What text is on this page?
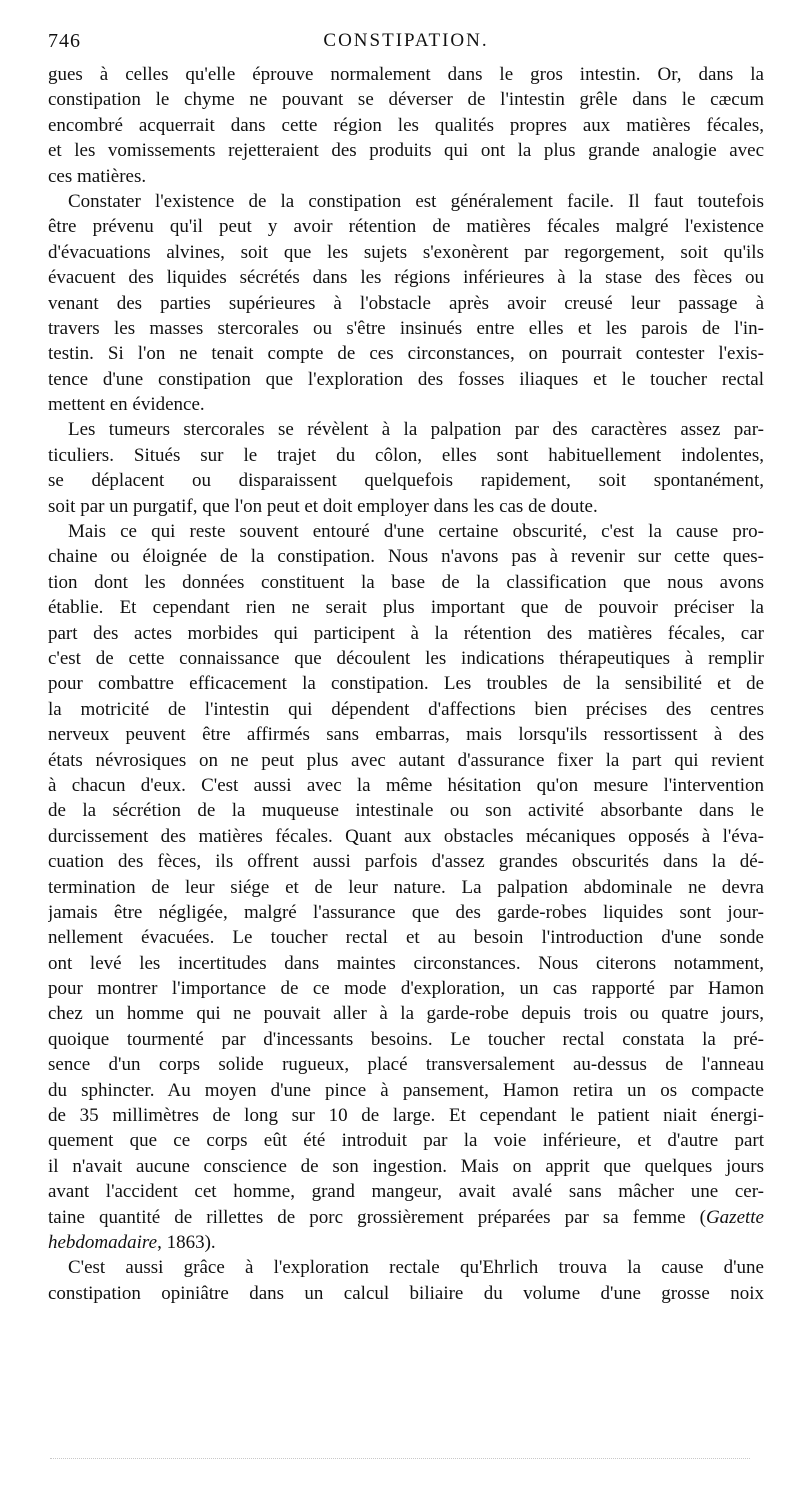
746	CONSTIPATION.
gues à celles qu'elle éprouve normalement dans le gros intestin. Or, dans la
constipation le chyme ne pouvant se déverser de l'intestin grêle dans le cæcum
encombré acquerrait dans cette région les qualités propres aux matières fécales,
et les vomissements rejetteraient des produits qui ont la plus grande analogie avec
ces matières.
Constater l'existence de la constipation est généralement facile. Il faut toutefois
être prévenu qu'il peut y avoir rétention de matières fécales malgré l'existence
d'évacuations alvines, soit que les sujets s'exonèrent par regorgement, soit qu'ils
évacuent des liquides sécrétés dans les régions inférieures à la stase des fèces ou
venant des parties supérieures à l'obstacle après avoir creusé leur passage à
travers les masses stercorales ou s'être insinués entre elles et les parois de l'in-
testin. Si l'on ne tenait compte de ces circonstances, on pourrait contester l'exis-
tence d'une constipation que l'exploration des fosses iliaques et le toucher rectal
mettent en évidence.
Les tumeurs stercorales se révèlent à la palpation par des caractères assez par-
ticuliers. Situés sur le trajet du côlon, elles sont habituellement indolentes,
se déplacent ou disparaissent quelquefois rapidement, soit spontanément,
soit par un purgatif, que l'on peut et doit employer dans les cas de doute.
Mais ce qui reste souvent entouré d'une certaine obscurité, c'est la cause pro-
chaine ou éloignée de la constipation. Nous n'avons pas à revenir sur cette ques-
tion dont les données constituent la base de la classification que nous avons
établie. Et cependant rien ne serait plus important que de pouvoir préciser la
part des actes morbides qui participent à la rétention des matières fécales, car
c'est de cette connaissance que découlent les indications thérapeutiques à remplir
pour combattre efficacement la constipation. Les troubles de la sensibilité et de
la motricité de l'intestin qui dépendent d'affections bien précises des centres
nerveux peuvent être affirmés sans embarras, mais lorsqu'ils ressortissent à des
états névrosiques on ne peut plus avec autant d'assurance fixer la part qui revient
à chacun d'eux. C'est aussi avec la même hésitation qu'on mesure l'intervention
de la sécrétion de la muqueuse intestinale ou son activité absorbante dans le
durcissement des matières fécales. Quant aux obstacles mécaniques opposés à l'éva-
cuation des fèces, ils offrent aussi parfois d'assez grandes obscurités dans la dé-
termination de leur siége et de leur nature. La palpation abdominale ne devra
jamais être négligée, malgré l'assurance que des garde-robes liquides sont jour-
nellement évacuées. Le toucher rectal et au besoin l'introduction d'une sonde
ont levé les incertitudes dans maintes circonstances. Nous citerons notamment,
pour montrer l'importance de ce mode d'exploration, un cas rapporté par Hamon
chez un homme qui ne pouvait aller à la garde-robe depuis trois ou quatre jours,
quoique tourmenté par d'incessants besoins. Le toucher rectal constata la pré-
sence d'un corps solide rugueux, placé transversalement au-dessus de l'anneau
du sphincter. Au moyen d'une pince à pansement, Hamon retira un os compacte
de 35 millimètres de long sur 10 de large. Et cependant le patient niait énergi-
quement que ce corps eût été introduit par la voie inférieure, et d'autre part
il n'avait aucune conscience de son ingestion. Mais on apprit que quelques jours
avant l'accident cet homme, grand mangeur, avait avalé sans mâcher une cer-
taine quantité de rillettes de porc grossièrement préparées par sa femme (Gazette
hebdomadaire, 1863).
C'est aussi grâce à l'exploration rectale qu'Ehrlich trouva la cause d'une
constipation opiniâtre dans un calcul biliaire du volume d'une grosse noix
